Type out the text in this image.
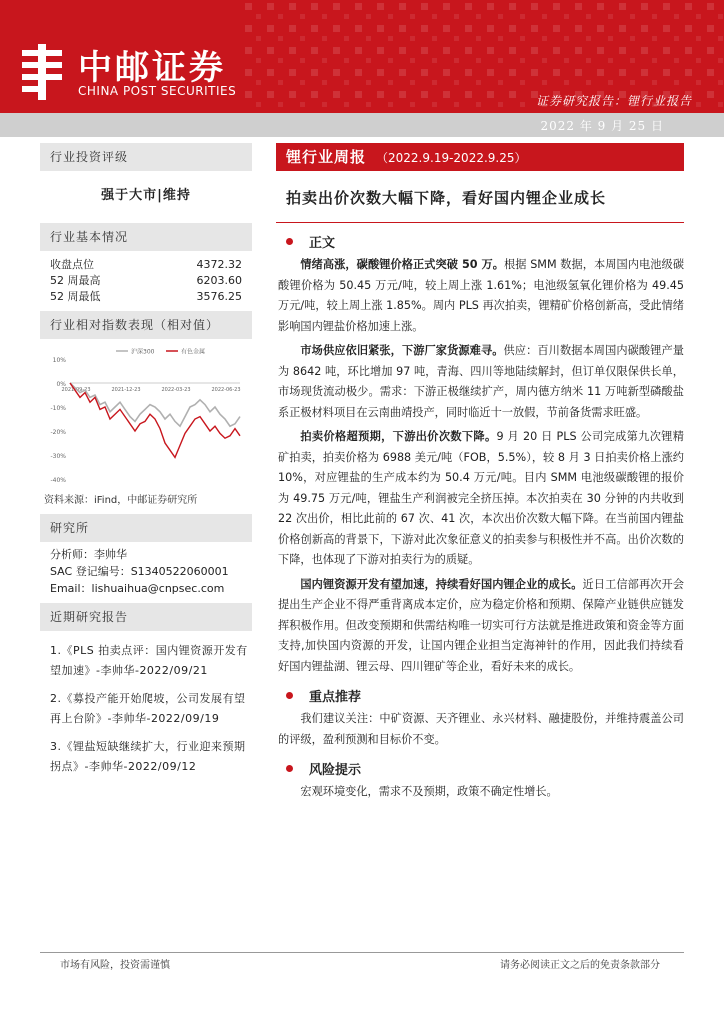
中邮证券
CHINA POST SECURITIES
证券研究报告：锂行业报告
2022 年 9 月 25 日
行业投资评级
强于大市|维持
行业基本情况
收盘点位	4372.32
52 周最高	6203.60
52 周最低	3576.25
行业相对指数表现（相对值）
10%
0%
-10%
-20%
-30%
-40%
2021-09-23	2021-12-23	2022-03-23	2022-06-23
沪深300	有色金属
资料来源：iFind，中邮证券研究所
研究所
分析师：李帅华
SAC 登记编号：S1340522060001
Email：lishuaihua@cnpsec.com
近期研究报告
1.《PLS 拍卖点评：国内锂资源开发有望加速》-李帅华-2022/09/21
2.《募投产能开始爬坡，公司发展有望再上台阶》-李帅华-2022/09/19
3.《锂盐短缺继续扩大，行业迎来预期拐点》-李帅华-2022/09/12
锂行业周报 （2022.9.19-2022.9.25）
拍卖出价次数大幅下降，看好国内锂企业成长
正文

情绪高涨，碳酸锂价格正式突破 50 万。根据 SMM 数据，本周国内电池级碳酸锂价格为 50.45 万元/吨，较上周上涨 1.61%；电池级氢氧化锂价格为 49.45 万元/吨，较上周上涨 1.85%。周内 PLS 再次拍卖，锂精矿价格创新高，受此情绪影响国内锂盐价格加速上涨。

市场供应依旧紧张，下游厂家货源难寻。供应：百川数据本周国内碳酸锂产量为 8642 吨，环比增加 97 吨，青海、四川等地陆续解封，但订单仅限保供长单，市场现货流动极少。需求：下游正极继续扩产，周内德方纳米 11 万吨新型磷酸盐系正极材料项目在云南曲靖投产，同时临近十一放假，节前备货需求旺盛。

拍卖价格超预期，下游出价次数下降。9 月 20 日 PLS 公司完成第九次锂精矿拍卖，拍卖价格为 6988 美元/吨（FOB，5.5%），较 8 月 3 日拍卖价格上涨约 10%，对应锂盐的生产成本约为 50.4 万元/吨。目内 SMM 电池级碳酸锂的报价为 49.75 万元/吨，锂盐生产利润被完全挤压掉。本次拍卖在 30 分钟的内共收到 22 次出价，相比此前的 67 次、41 次，本次出价次数大幅下降。在当前国内锂盐价格创新高的背景下，下游对此次象征意义的拍卖参与积极性并不高。出价次数的下降，也体现了下游对拍卖行为的质疑。

国内锂资源开发有望加速，持续看好国内锂企业的成长。近日工信部再次开会提出生产企业不得严重背离成本定价，应为稳定价格和预期、保障产业链供应链发挥积极作用。但改变预期和供需结构唯一切实可行方法就是推进政策和资金等方面支持,加快国内资源的开发，让国内锂企业担当定海神针的作用，因此我们持续看好国内锂盐湖、锂云母、四川锂矿等企业，看好未来的成长。

重点推荐

我们建议关注：中矿资源、天齐锂业、永兴材料、融捷股份，并维持震盖公司的评级，盈利预测和目标价不变。

风险提示

宏观环境变化，需求不及预期，政策不确定性增长。

市场有风险，投资需谨慎	请务必阅读正文之后的免责条款部分
